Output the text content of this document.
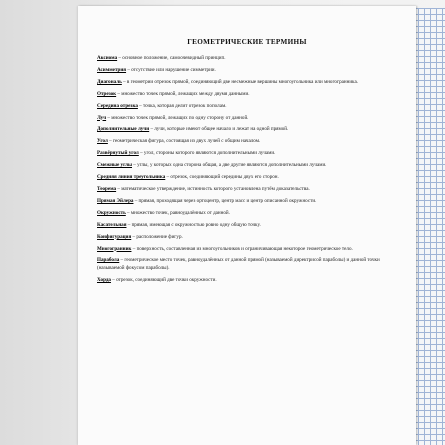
ГЕОМЕТРИЧЕСКИЕ ТЕРМИНЫ
Аксиома – основное положение, самоочевидный принцип.
Асимметрия – отсутствие или нарушение симметрии.
Диагональ – в геометрии отрезок прямой, соединяющий две несмежные вершины многоугольника или многогранника.
Отрезок – множество точек прямой, лежащих между двумя данными.
Середина отрезка – точка, которая делит отрезок пополам.
Луч – множество точек прямой, лежащих по одну сторону от данной.
Дополнительные лучи – лучи, которые имеют общее начало и лежат на одной прямой.
Угол – геометрическая фигура, состоящая из двух лучей с общим началом.
Развёрнутый угол – угол, стороны которого являются дополнительными лучами.
Смежные углы – углы, у которых одна сторона общая, а две другие являются дополнительными лучами.
Средняя линия треугольника – отрезок, соединяющий середины двух его сторон.
Теорема – математическое утверждение, истинность которого установлена путём доказательства.
Прямая Эйлера – прямая, проходящая через ортоцентр, центр масс и центр описанной окружности.
Окружность – множество точек, равноудалённых от данной.
Касательная – прямая, имеющая с окружностью ровно одну общую точку.
Конфигурация – расположение фигур.
Многогранник – поверхность, составленная из многоугольников и ограничивающая некоторое геометрическое тело.
Парабола – геометрическое место точек, равноудалённых от данной прямой (называемой директрисой параболы) и данной точки (называемой фокусом параболы).
Хорда – отрезок, соединяющий две точки окружности.
